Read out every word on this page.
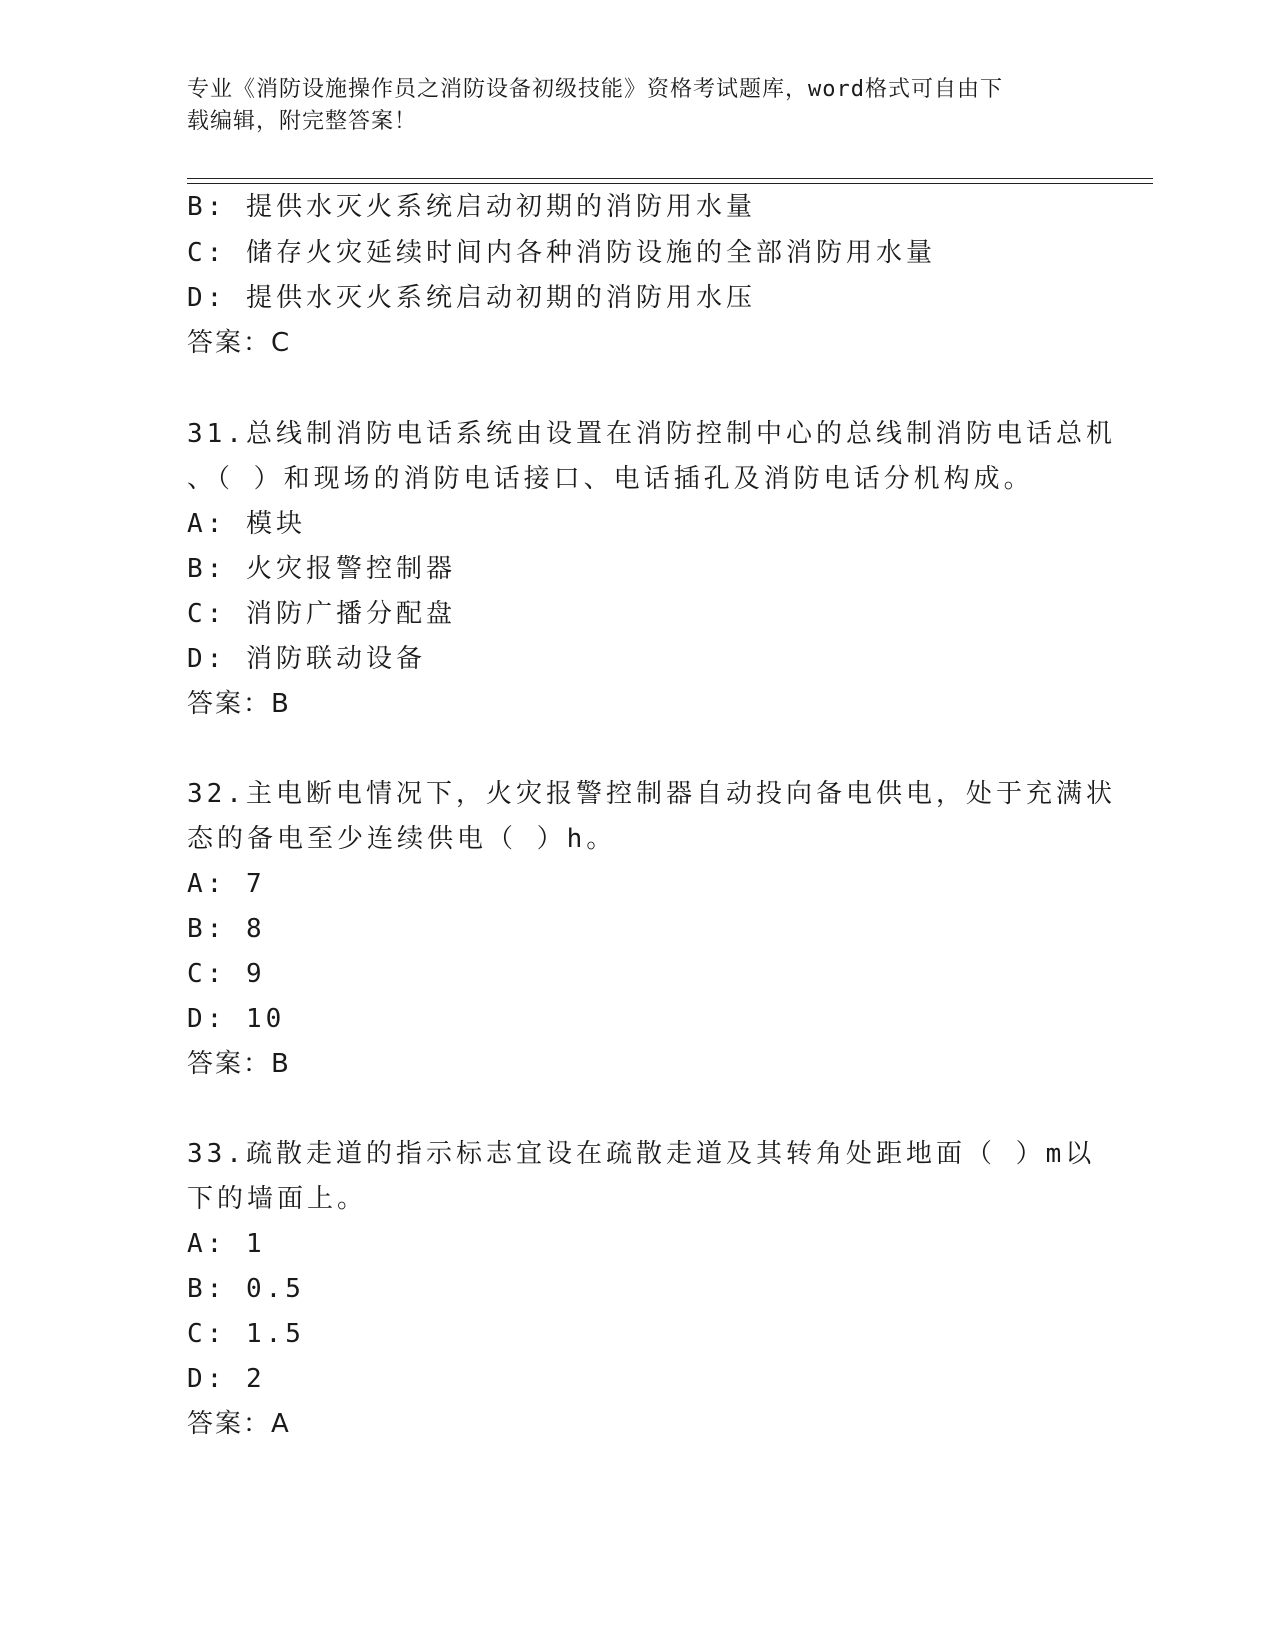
专业《消防设施操作员之消防设备初级技能》资格考试题库，word格式可自由下
载编辑，附完整答案！
B: 提供水灭火系统启动初期的消防用水量
C: 储存火灾延续时间内各种消防设施的全部消防用水量
D: 提供水灭火系统启动初期的消防用水压
答案：C
31.总线制消防电话系统由设置在消防控制中心的总线制消防电话总机
、（ ）和现场的消防电话接口、电话插孔及消防电话分机构成。
A: 模块
B: 火灾报警控制器
C: 消防广播分配盘
D: 消防联动设备
答案：B
32.主电断电情况下，火灾报警控制器自动投向备电供电，处于充满状
态的备电至少连续供电（ ）h。
A: 7
B: 8
C: 9
D: 10
答案：B
33.疏散走道的指示标志宜设在疏散走道及其转角处距地面（ ）m以
下的墙面上。
A: 1
B: 0.5
C: 1.5
D: 2
答案：A
